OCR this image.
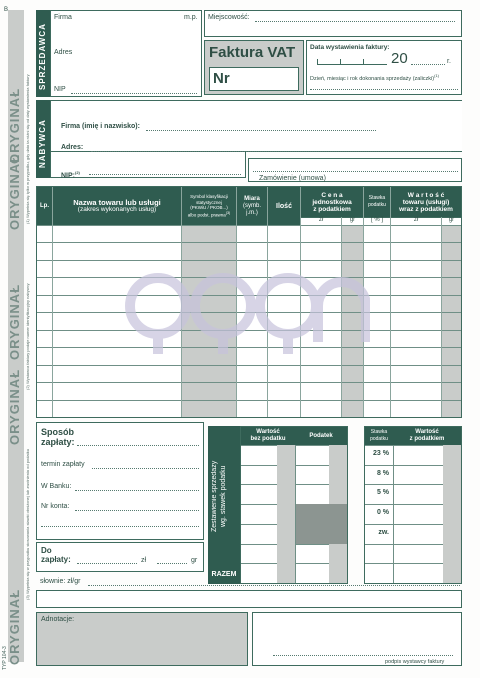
B
ORYGINAŁ
ORYGINAŁ
ORYGINAŁ
ORYGINAŁ
ORYGINAŁ
TYP 104-3
(1) Wypełnia się tylko w przypadku, gdy data ta różni się od daty wystawienia faktury
(2) Wystawca faktury podaje numer identyfikacyjny nabywcy
(3) Wypełnia się w przypadku stosowania stawki obniżonej lub zwolnienia od podatku
SPRZEDAWCA
Firma	m.p.
Adres
NIP
Miejscowość:
Faktura VAT
Nr
Data wystawienia faktury:
20	r.
Dzień, miesiąc i rok dokonania sprzedaży (zaliczki)$^{(1)}$
NABYWCA Firma (imię i nazwisko):
Adres:
NIP:$^{(2)}$
Zamówienie (umowa)
Lp.	Nazwa towaru lub usługi
(zakres wykonanych usług)
Symbol klasyfikacji
statystycznej
(PKWiU / PKOB...)
albo podst. prawna$^{(3)}$
Miara
(symb.
j.m.)
Ilość
C e n a
jednostkowa
z podatkiem
Stawka
podatku
W a r t o ś ć
towaru (usługi)
wraz z podatkiem
zł	gr	[ % ]	zł	gr
Sposób
zapłaty:
termin zapłaty
W Banku:
Nr konta:
Do
zapłaty:	zł	gr
słownie: zł/gr
Zestawienie sprzedaży wg. stawek podatku
RAZEM
Wartość
bez podatku
Podatek
Stawka
podatku
Wartość
z podatkiem
23 %
8 %
5 %
0 %
zw.
Adnotacje:
podpis wystawcy faktury
